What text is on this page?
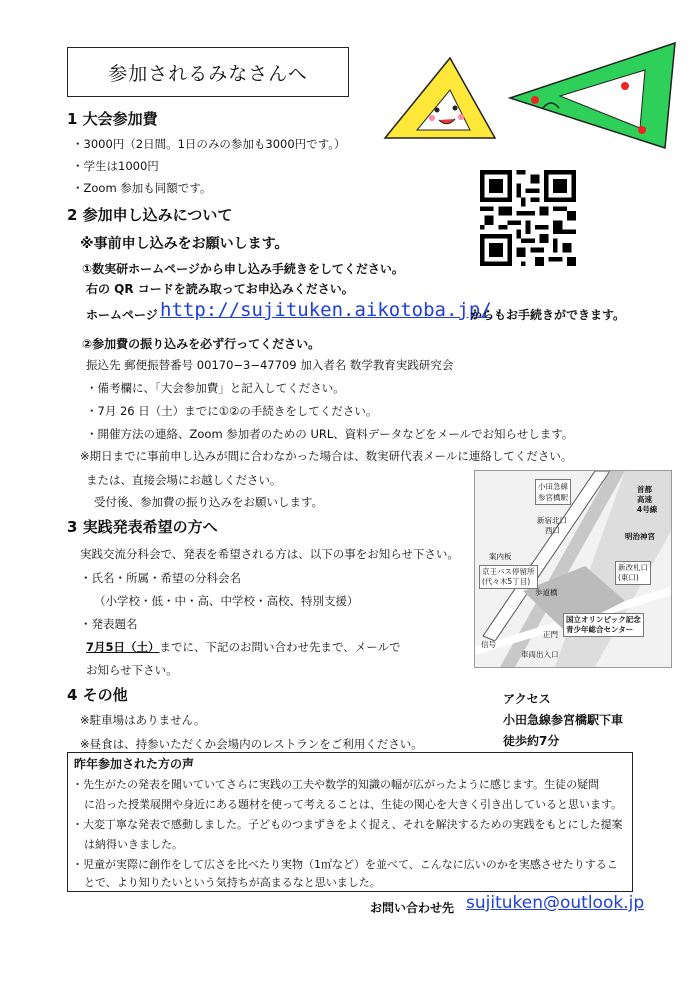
参加されるみなさんへ
1 大会参加費
・3000円（2日間。1日のみの参加も3000円です。）
・学生は1000円
・Zoom 参加も同額です。
2 参加申し込みについて
※事前申し込みをお願いします。
①数実研ホームページから申し込み手続きをしてください。
右の QR コードを読み取ってお申込みください。
ホームページ http://sujituken.aikotoba.jp/
からもお手続きができます。
②参加費の振り込みを必ず行ってください。
振込先 郵便振替番号 00170−3−47709 加入者名 数学教育実践研究会
・備考欄に、「大会参加費」と記入してください。
・7月 26 日（土）までに①②の手続きをしてください。
・開催方法の連絡、Zoom 参加者のための URL、資料データなどをメールでお知らせします。
※期日までに事前申し込みが間に合わなかった場合は、数実研代表メールに連絡してください。
または、直接会場にお越しください。
受付後、参加費の振り込みをお願いします。
小田急線
参宮橋駅
首都
高速
4号線
新宿北口
西口
明治神宮
案内板
京王バス停留所
(代々木5丁目)
新改札口
(東口)
歩道橋
国立オリンピック記念
青少年総合センター
正門
信号
車両出入口
3 実践発表希望の方へ
実践交流分科会で、発表を希望される方は、以下の事をお知らせ下さい。
・氏名・所属・希望の分科会名
（小学校・低・中・高、中学校・高校、特別支援）
・発表題名
7月5日（土）までに、下記のお問い合わせ先まで、メールで
お知らせ下さい。
4 その他
※駐車場はありません。
※昼食は、持参いただくか会場内のレストランをご利用ください。
アクセス
小田急線参宮橋駅下車
徒歩約7分
昨年参加された方の声
・先生がたの発表を聞いていてさらに実践の工夫や数学的知識の幅が広がったように感じます。生徒の疑問
に沿った授業展開や身近にある題材を使って考えることは、生徒の関心を大きく引き出していると思います。
・大変丁寧な発表で感動しました。子どものつまずきをよく捉え、それを解決するための実践をもとにした提案
は納得いきました。
・児童が実際に創作をして広さを比べたり実物（1㎡など）を並べて、こんなに広いのかを実感させたりするこ
とで、より知りたいという気持ちが高まるなと思いました。
お問い合わせ先 sujituken@outlook.jp
